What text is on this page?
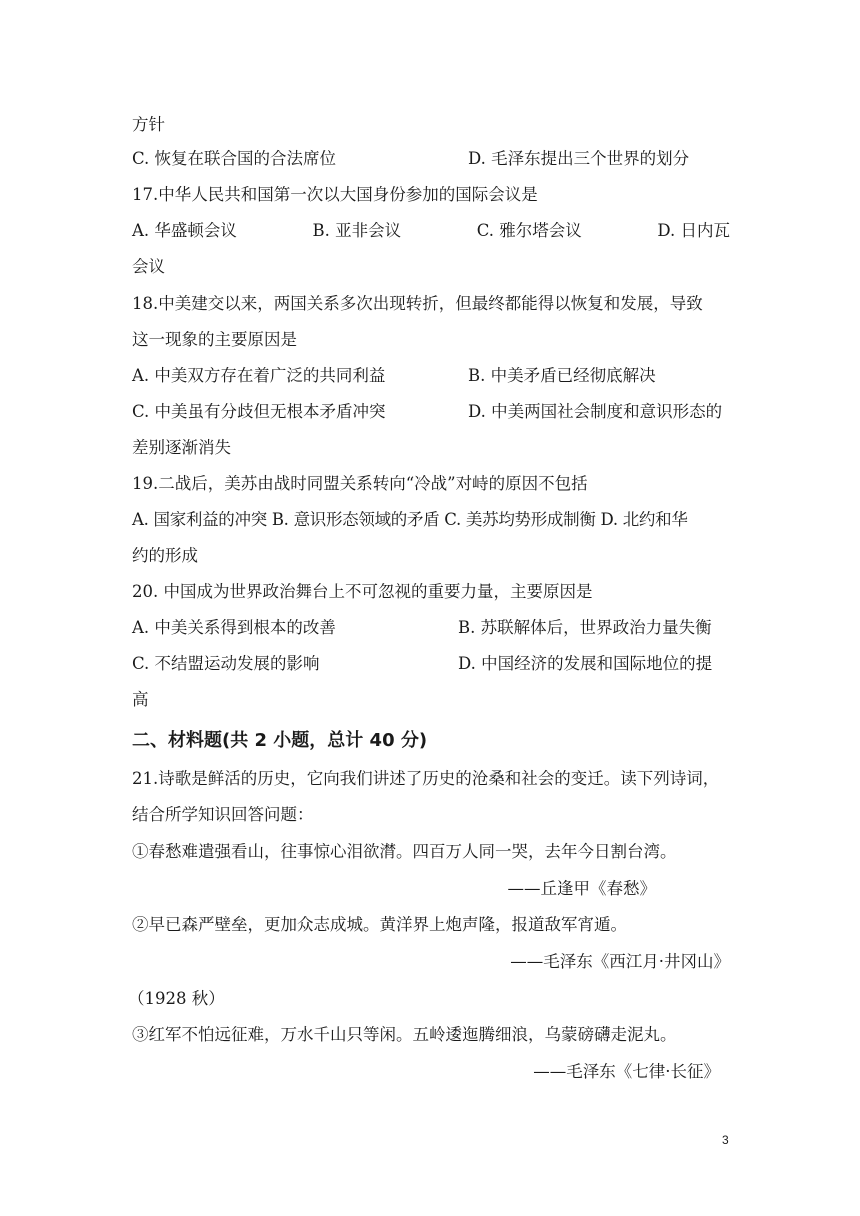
方针
C. 恢复在联合国的合法席位	D. 毛泽东提出三个世界的划分
17.中华人民共和国第一次以大国身份参加的国际会议是
A. 华盛顿会议	B. 亚非会议	C. 雅尔塔会议	D. 日内瓦
会议
18.中美建交以来，两国关系多次出现转折，但最终都能得以恢复和发展，导致
这一现象的主要原因是
A. 中美双方存在着广泛的共同利益	B. 中美矛盾已经彻底解决
C. 中美虽有分歧但无根本矛盾冲突	D. 中美两国社会制度和意识形态的
差别逐渐消失
19.二战后，美苏由战时同盟关系转向“冷战”对峙的原因不包括
A. 国家利益的冲突 B. 意识形态领域的矛盾 C. 美苏均势形成制衡 D. 北约和华
约的形成
20. 中国成为世界政治舞台上不可忽视的重要力量，主要原因是
A. 中美关系得到根本的改善	B. 苏联解体后，世界政治力量失衡
C. 不结盟运动发展的影响	D. 中国经济的发展和国际地位的提
高
二、材料题(共 2 小题，总计 40 分)
21.诗歌是鲜活的历史，它向我们讲述了历史的沧桑和社会的变迁。读下列诗词，
结合所学知识回答问题：
①春愁难遣强看山，往事惊心泪欲潸。四百万人同一哭，去年今日割台湾。
——丘逢甲《春愁》
②早已森严壁垒，更加众志成城。黄洋界上炮声隆，报道敌军宵遁。
——毛泽东《西江月·井冈山》
（1928 秋）
③红军不怕远征难，万水千山只等闲。五岭逶迤腾细浪，乌蒙磅礴走泥丸。
——毛泽东《七律·长征》
3
